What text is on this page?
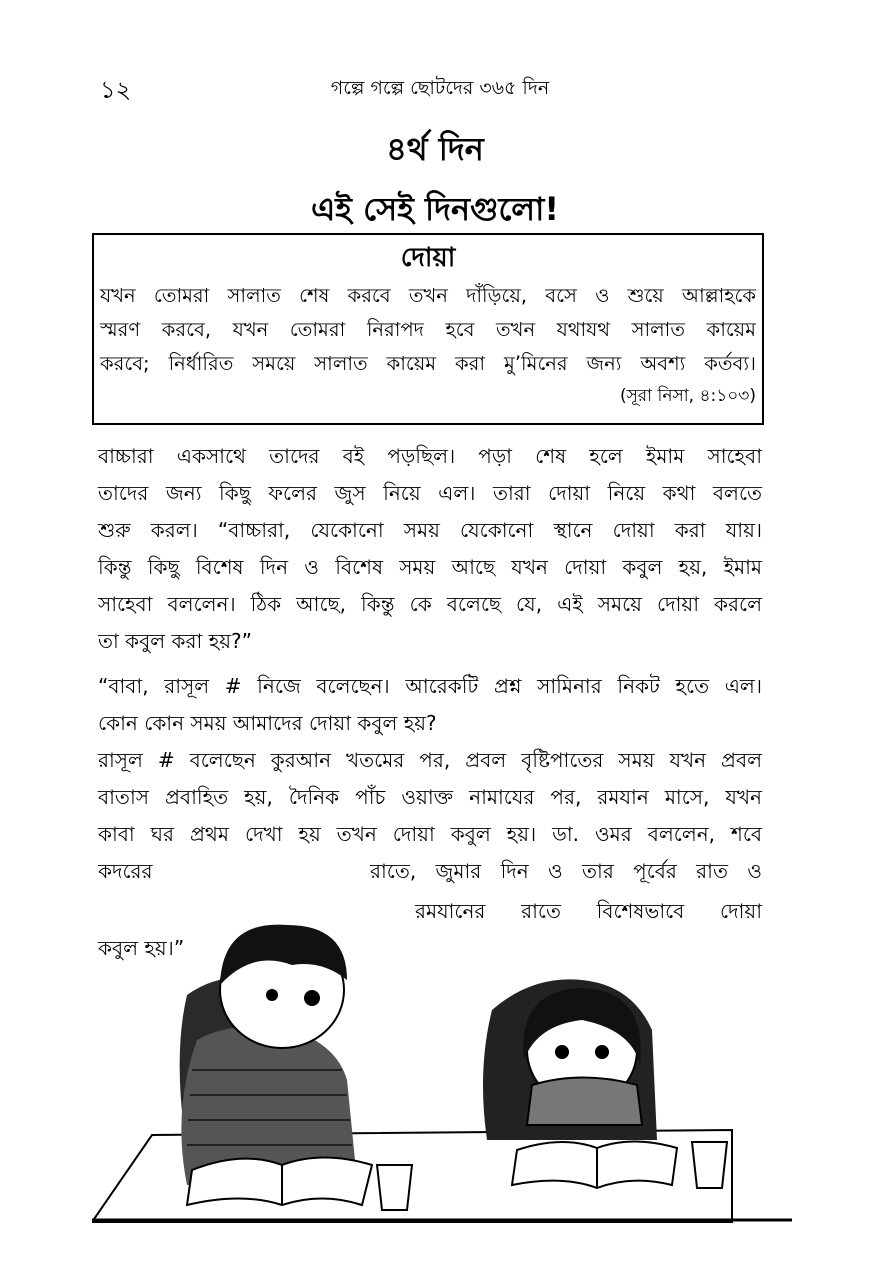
১২	গল্পে গল্পে ছোটদের ৩৬৫ দিন
৪র্থ দিন
এই সেই দিনগুলো!
দোয়া
যখন তোমরা সালাত শেষ করবে তখন দাঁড়িয়ে, বসে ও শুয়ে আল্লাহকে
স্মরণ করবে, যখন তোমরা নিরাপদ হবে তখন যথাযথ সালাত কায়েম
করবে; নির্ধারিত সময়ে সালাত কায়েম করা মু’মিনের জন্য অবশ্য কর্তব্য।
(সূরা নিসা, ৪:১০৩)
বাচ্চারা একসাথে তাদের বই পড়ছিল। পড়া শেষ হলে ইমাম সাহেবা
তাদের জন্য কিছু ফলের জুস নিয়ে এল। তারা দোয়া নিয়ে কথা বলতে
শুরু করল। “বাচ্চারা, যেকোনো সময় যেকোনো স্থানে দোয়া করা যায়।
কিন্তু কিছু বিশেষ দিন ও বিশেষ সময় আছে যখন দোয়া কবুল হয়, ইমাম
সাহেবা বললেন। ঠিক আছে, কিন্তু কে বলেছে যে, এই সময়ে দোয়া করলে
তা কবুল করা হয়?”
“বাবা, রাসূল # নিজে বলেছেন। আরেকটি প্রশ্ন সামিনার নিকট হতে এল।
কোন কোন সময় আমাদের দোয়া কবুল হয়?
রাসূল # বলেছেন কুরআন খতমের পর, প্রবল বৃষ্টিপাতের সময় যখন প্রবল
বাতাস প্রবাহিত হয়, দৈনিক পাঁচ ওয়াক্ত নামাযের পর, রমযান মাসে, যখন
কাবা ঘর প্রথম দেখা হয় তখন দোয়া কবুল হয়। ডা. ওমর বললেন, শবে
কদরের	রাতে, জুমার দিন ও তার পূর্বের রাত ও
রমযানের রাতে বিশেষভাবে দোয়া
কবুল হয়।”
